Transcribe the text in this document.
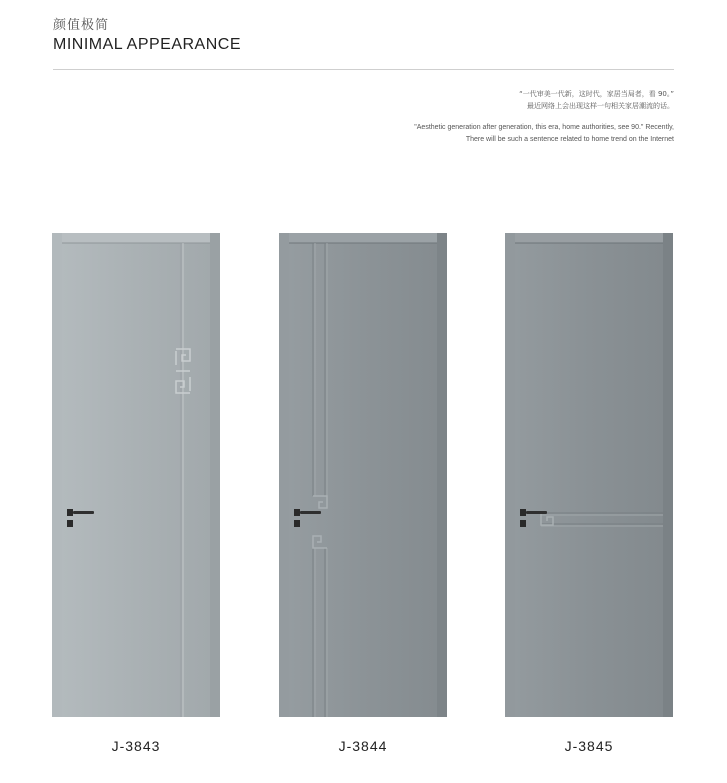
颜值极简
MINIMAL APPEARANCE
“一代审美一代新，这时代，家居当局者，看 90。”
最近网络上会出现这样一句相关家居潮流的话。
"Aesthetic generation after generation, this era, home authorities, see 90." Recently,
There will be such a sentence related to home trend on the Internet
J-3843	J-3844	J-3845
